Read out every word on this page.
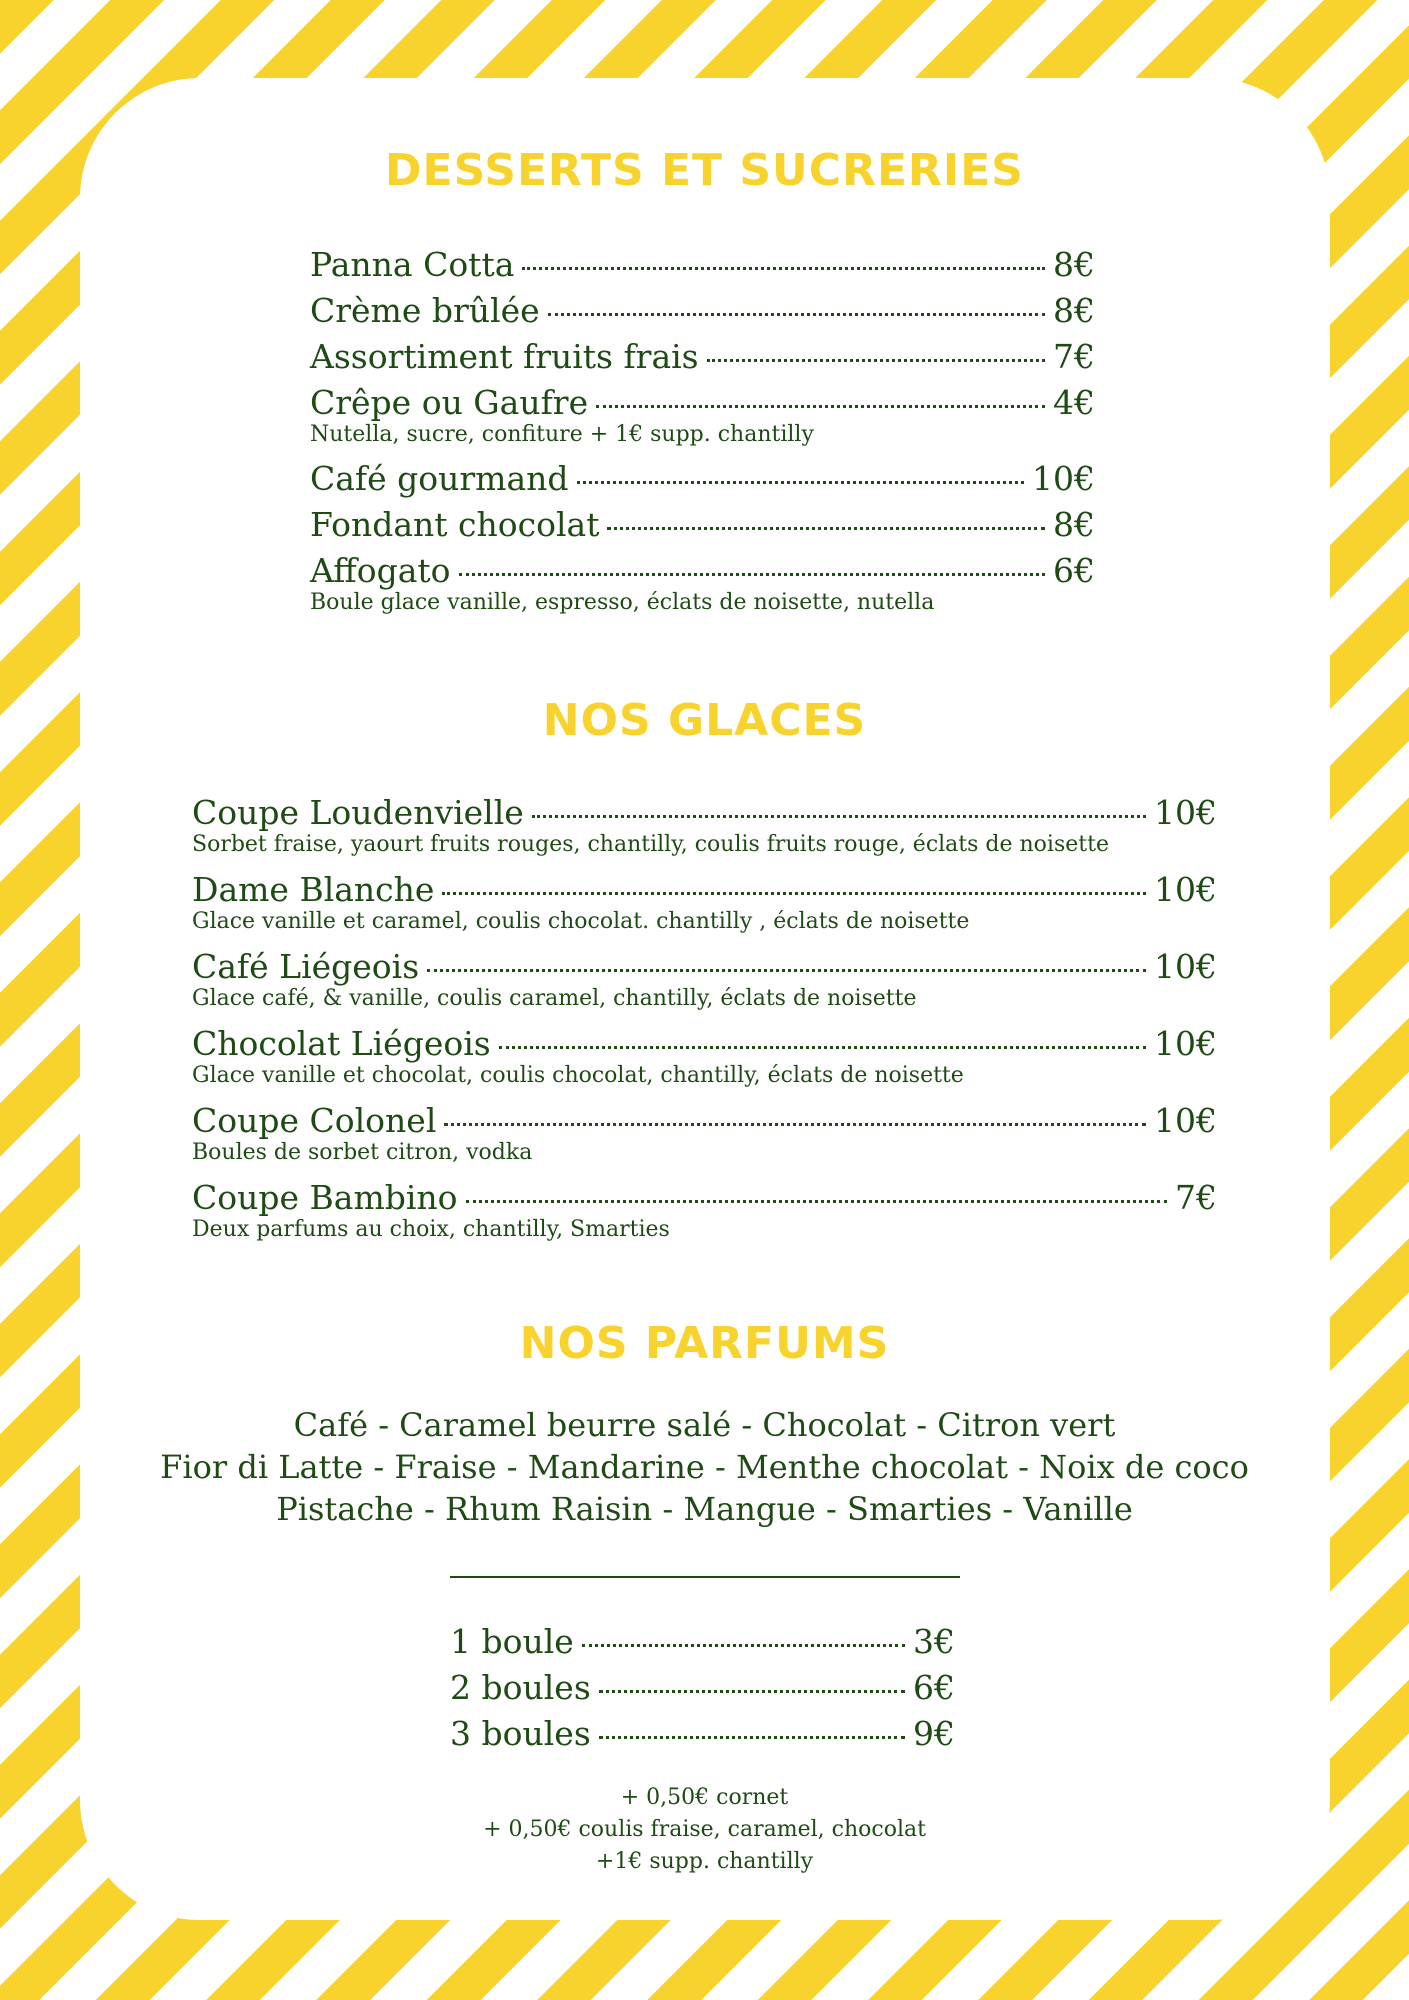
DESSERTS ET SUCRERIES
Panna Cotta	8€
Crème brûlée	8€
Assortiment fruits frais	7€
Crêpe ou Gaufre	4€
Nutella, sucre, confiture + 1€ supp. chantilly
Café gourmand	10€
Fondant chocolat	8€
Affogato	6€
Boule glace vanille, espresso, éclats de noisette, nutella
NOS GLACES
Coupe Loudenvielle	10€
Sorbet fraise, yaourt fruits rouges, chantilly, coulis fruits rouge, éclats de noisette
Dame Blanche	10€
Glace vanille et caramel, coulis chocolat. chantilly , éclats de noisette
Café Liégeois	10€
Glace café, & vanille, coulis caramel, chantilly, éclats de noisette
Chocolat Liégeois	10€
Glace vanille et chocolat, coulis chocolat, chantilly, éclats de noisette
Coupe Colonel	10€
Boules de sorbet citron, vodka
Coupe Bambino	7€
Deux parfums au choix, chantilly, Smarties
NOS PARFUMS
Café - Caramel beurre salé - Chocolat - Citron vert
Fior di Latte - Fraise - Mandarine - Menthe chocolat - Noix de coco
Pistache - Rhum Raisin - Mangue - Smarties - Vanille
1 boule	3€
2 boules	6€
3 boules	9€
+ 0,50€ cornet
+ 0,50€ coulis fraise, caramel, chocolat
+1€ supp. chantilly
